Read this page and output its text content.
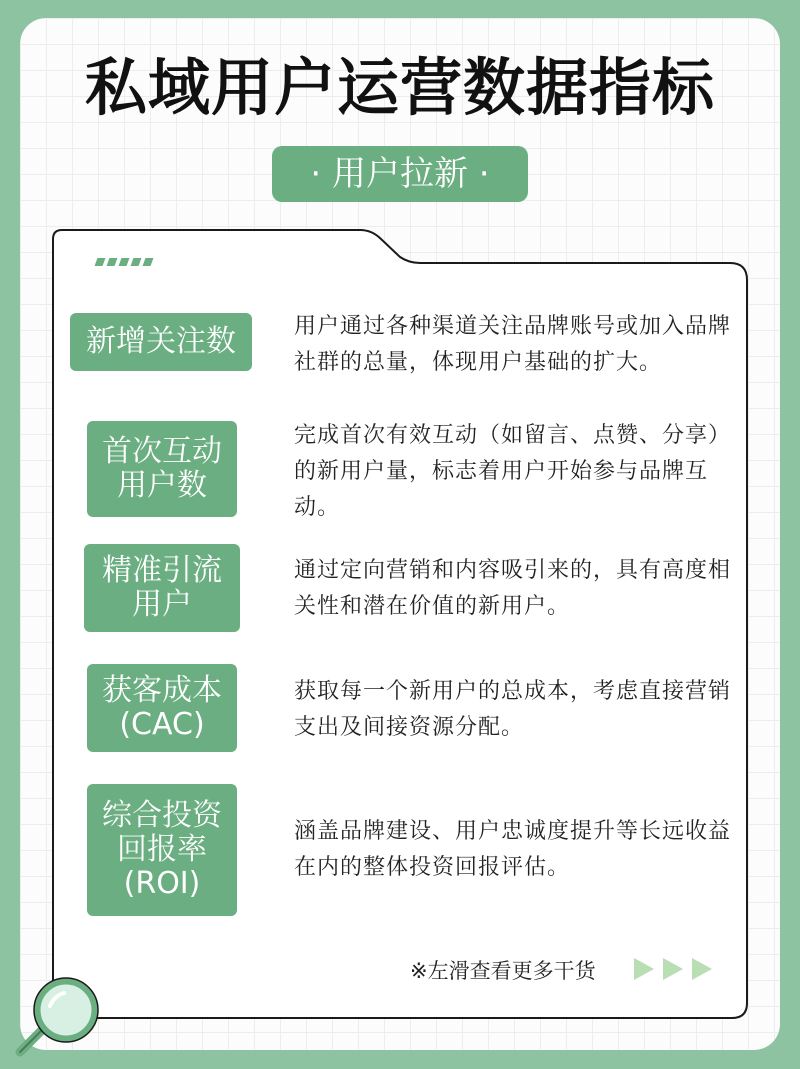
私域用户运营数据指标
· 用户拉新 ·
新增关注数	用户通过各种渠道关注品牌账号或加入品牌社群的总量，体现用户基础的扩大。
首次互动
用户数
完成首次有效互动（如留言、点赞、分享）的新用户量，标志着用户开始参与品牌互动。
精准引流
用户
通过定向营销和内容吸引来的，具有高度相关性和潜在价值的新用户。
获客成本
(CAC)
获取每一个新用户的总成本，考虑直接营销支出及间接资源分配。
综合投资
回报率
(ROI)
涵盖品牌建设、用户忠诚度提升等长远收益在内的整体投资回报评估。
※左滑查看更多干货
